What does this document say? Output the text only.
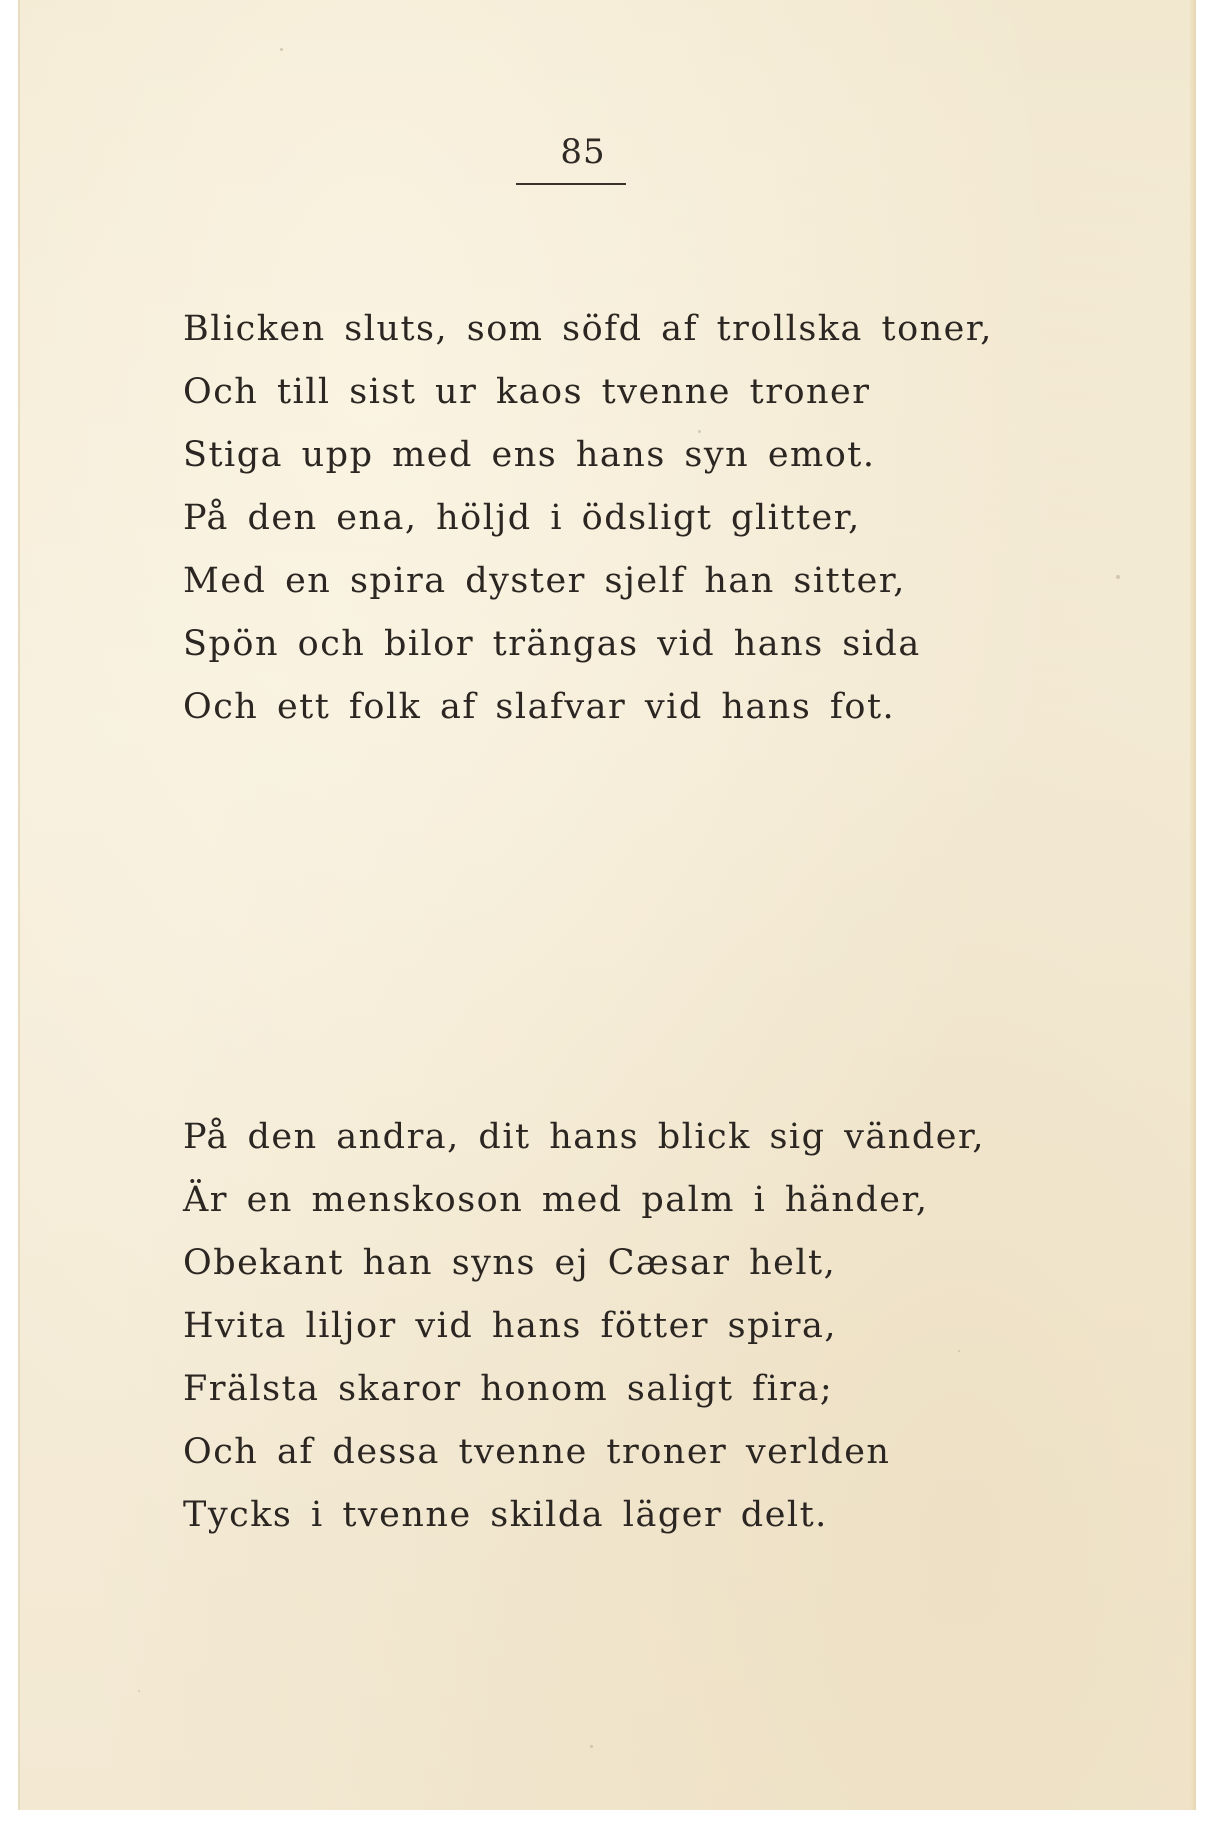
85
Blicken sluts, som söfd af trollska toner,
Och till sist ur kaos tvenne troner
Stiga upp med ens hans syn emot.
På den ena, höljd i ödsligt glitter,
Med en spira dyster sjelf han sitter,
Spön och bilor trängas vid hans sida
Och ett folk af slafvar vid hans fot.
På den andra, dit hans blick sig vänder,
Är en menskoson med palm i händer,
Obekant han syns ej Cæsar helt,
Hvita liljor vid hans fötter spira,
Frälsta skaror honom saligt fira;
Och af dessa tvenne troner verlden
Tycks i tvenne skilda läger delt.
